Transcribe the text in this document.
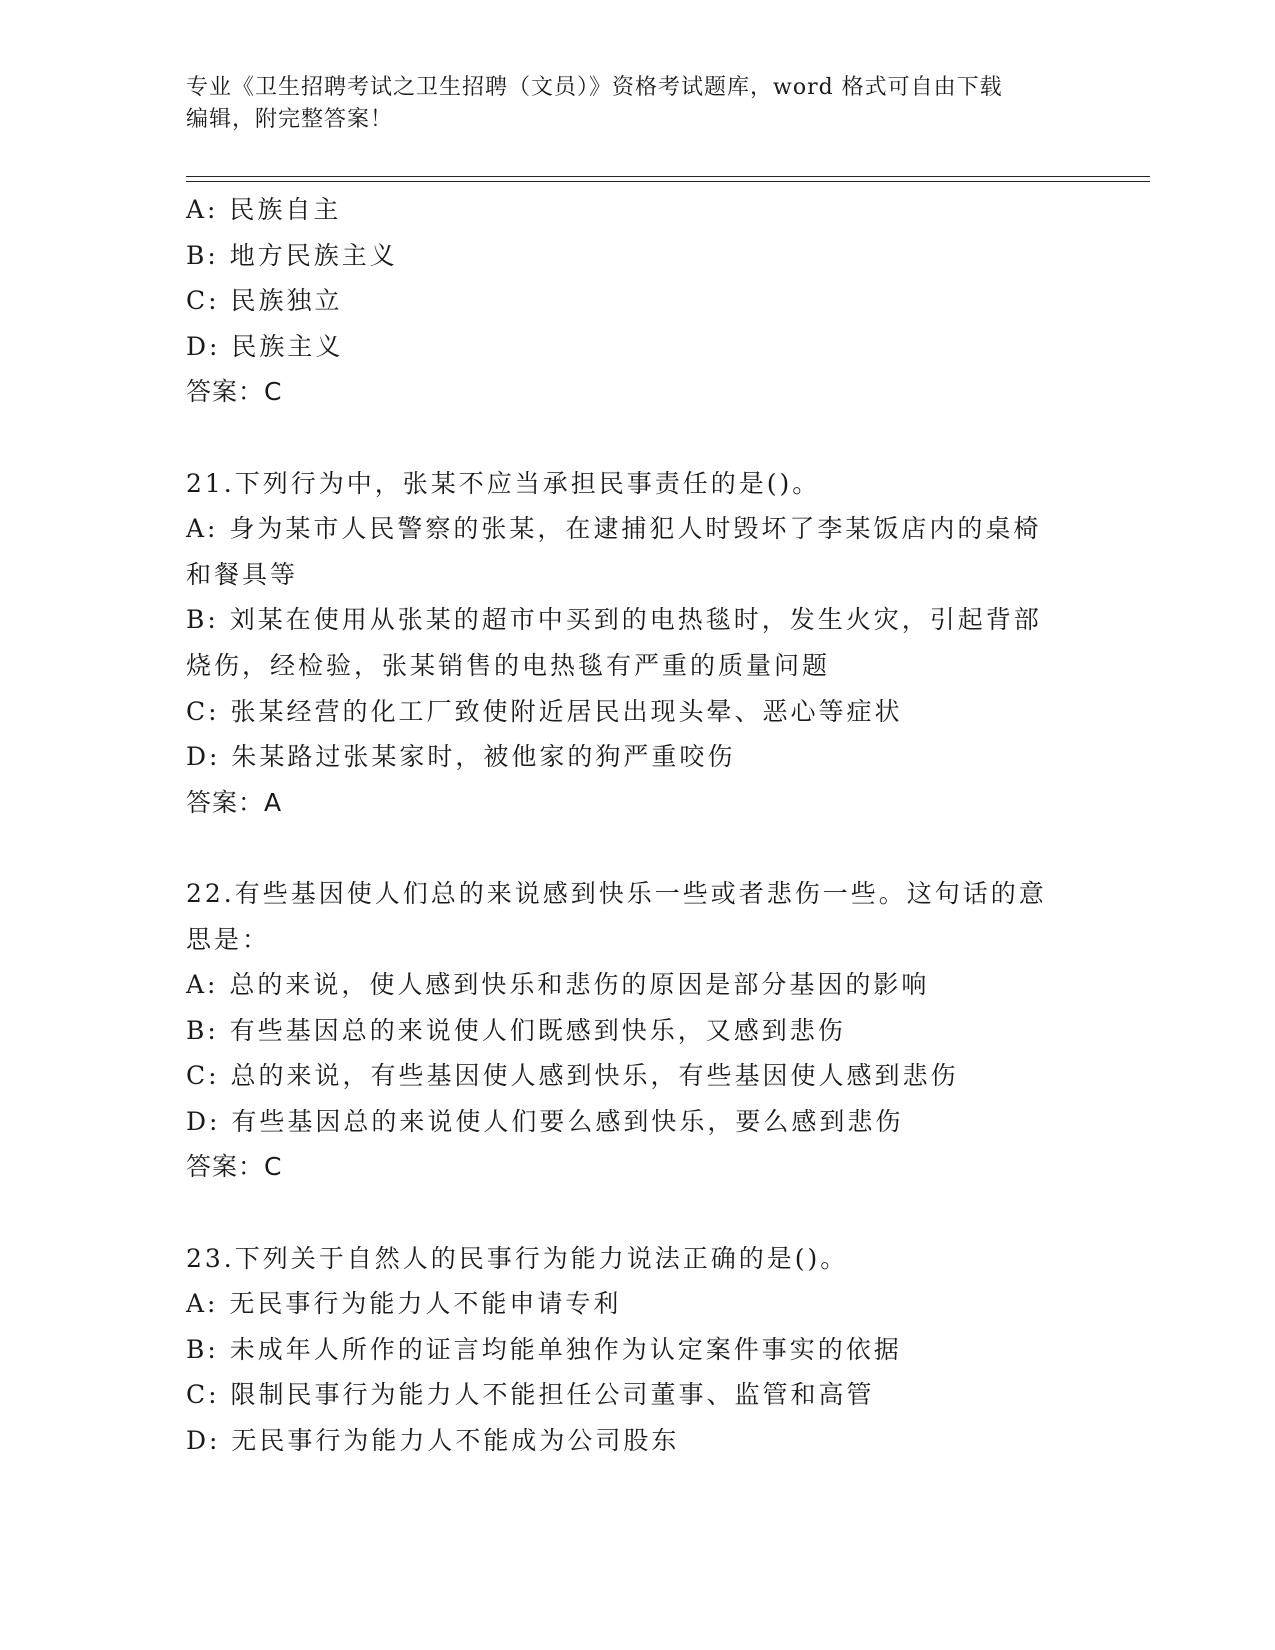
专业《卫生招聘考试之卫生招聘（文员）》资格考试题库，word 格式可自由下载
编辑，附完整答案！
A: 民族自主
B: 地方民族主义
C: 民族独立
D: 民族主义
答案：C
21.下列行为中，张某不应当承担民事责任的是()。
A: 身为某市人民警察的张某，在逮捕犯人时毁坏了李某饭店内的桌椅
和餐具等
B: 刘某在使用从张某的超市中买到的电热毯时，发生火灾，引起背部
烧伤，经检验，张某销售的电热毯有严重的质量问题
C: 张某经营的化工厂致使附近居民出现头晕、恶心等症状
D: 朱某路过张某家时，被他家的狗严重咬伤
答案：A
22.有些基因使人们总的来说感到快乐一些或者悲伤一些。这句话的意
思是：
A: 总的来说，使人感到快乐和悲伤的原因是部分基因的影响
B: 有些基因总的来说使人们既感到快乐，又感到悲伤
C: 总的来说，有些基因使人感到快乐，有些基因使人感到悲伤
D: 有些基因总的来说使人们要么感到快乐，要么感到悲伤
答案：C
23.下列关于自然人的民事行为能力说法正确的是()。
A: 无民事行为能力人不能申请专利
B: 未成年人所作的证言均能单独作为认定案件事实的依据
C: 限制民事行为能力人不能担任公司董事、监管和高管
D: 无民事行为能力人不能成为公司股东
